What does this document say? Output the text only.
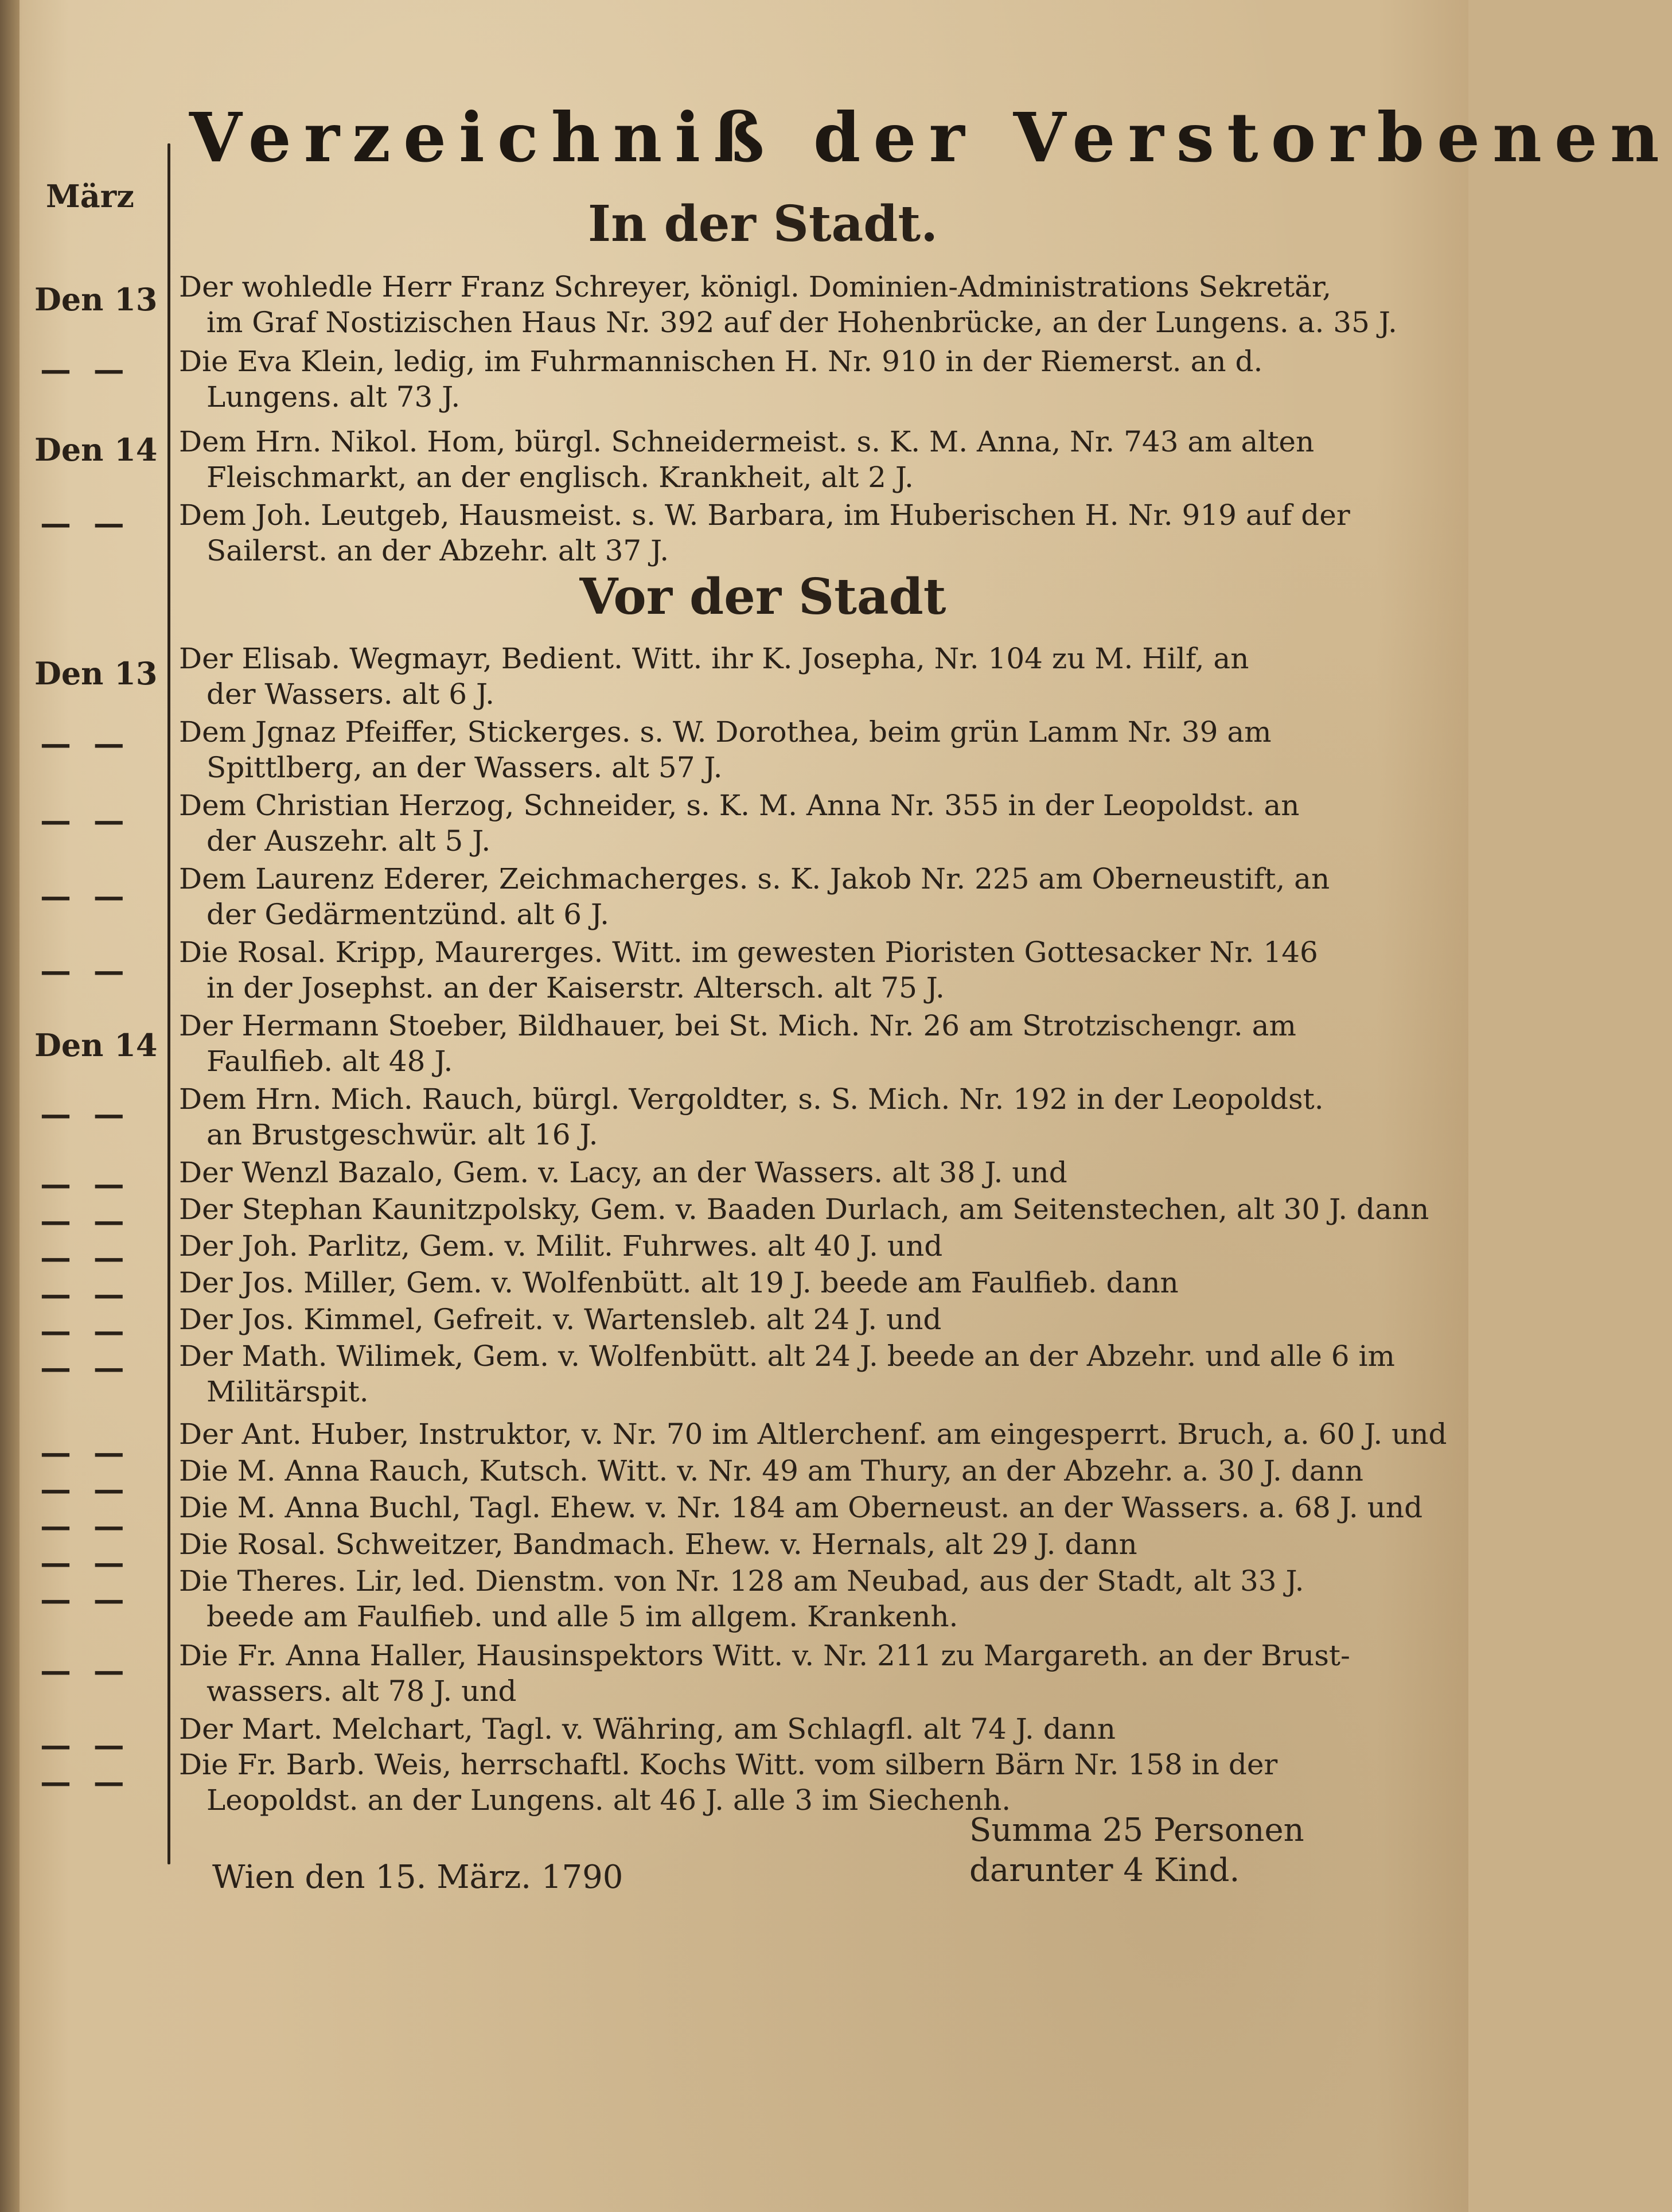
Verzeichniß der Verstorbenen
März	In der Stadt.
Den 13 Der wohledle Herr Franz Schreyer, königl. Dominien-Administrations Sekretär,
im Graf Nostizischen Haus Nr. 392 auf der Hohenbrücke, an der Lungens. a. 35 J.
— —	Die Eva Klein, ledig, im Fuhrmannischen H. Nr. 910 in der Riemerst. an d.
Lungens. alt 73 J.
Den 14 Dem Hrn. Nikol. Hom, bürgl. Schneidermeist. s. K. M. Anna, Nr. 743 am alten
Fleischmarkt, an der englisch. Krankheit, alt 2 J.
— —	Dem Joh. Leutgeb, Hausmeist. s. W. Barbara, im Huberischen H. Nr. 919 auf der
Sailerst. an der Abzehr. alt 37 J.
Vor der Stadt
Den 13 Der Elisab. Wegmayr, Bedient. Witt. ihr K. Josepha, Nr. 104 zu M. Hilf, an
der Wassers. alt 6 J.
— —	Dem Jgnaz Pfeiffer, Stickerges. s. W. Dorothea, beim grün Lamm Nr. 39 am
Spittlberg, an der Wassers. alt 57 J.
— —	Dem Christian Herzog, Schneider, s. K. M. Anna Nr. 355 in der Leopoldst. an
der Auszehr. alt 5 J.
— —	Dem Laurenz Ederer, Zeichmacherges. s. K. Jakob Nr. 225 am Oberneustift, an
der Gedärmentzünd. alt 6 J.
— —	Die Rosal. Kripp, Maurerges. Witt. im gewesten Pioristen Gottesacker Nr. 146
in der Josephst. an der Kaiserstr. Altersch. alt 75 J.
Den 14
Der Hermann Stoeber, Bildhauer, bei St. Mich. Nr. 26 am Strotzischengr. am
Faulfieb. alt 48 J.
— —	Dem Hrn. Mich. Rauch, bürgl. Vergoldter, s. S. Mich. Nr. 192 in der Leopoldst.
an Brustgeschwür. alt 16 J.
— —	Der Wenzl Bazalo, Gem. v. Lacy, an der Wassers. alt 38 J. und
— —	Der Stephan Kaunitzpolsky, Gem. v. Baaden Durlach, am Seitenstechen, alt 30 J. dann
— —	Der Joh. Parlitz, Gem. v. Milit. Fuhrwes. alt 40 J. und
— —	Der Jos. Miller, Gem. v. Wolfenbütt. alt 19 J. beede am Faulfieb. dann
— —	Der Jos. Kimmel, Gefreit. v. Wartensleb. alt 24 J. und
— —	Der Math. Wilimek, Gem. v. Wolfenbütt. alt 24 J. beede an der Abzehr. und alle 6 im
Militärspit.
— —	Der Ant. Huber, Instruktor, v. Nr. 70 im Altlerchenf. am eingesperrt. Bruch, a. 60 J. und
— —	Die M. Anna Rauch, Kutsch. Witt. v. Nr. 49 am Thury, an der Abzehr. a. 30 J. dann
— —	Die M. Anna Buchl, Tagl. Ehew. v. Nr. 184 am Oberneust. an der Wassers. a. 68 J. und
— —	Die Rosal. Schweitzer, Bandmach. Ehew. v. Hernals, alt 29 J. dann
— —	Die Theres. Lir, led. Dienstm. von Nr. 128 am Neubad, aus der Stadt, alt 33 J.
beede am Faulfieb. und alle 5 im allgem. Krankenh.
— —	Die Fr. Anna Haller, Hausinspektors Witt. v. Nr. 211 zu Margareth. an der Brust-
wassers. alt 78 J. und
— —	Der Mart. Melchart, Tagl. v. Währing, am Schlagfl. alt 74 J. dann
— —	Die Fr. Barb. Weis, herrschaftl. Kochs Witt. vom silbern Bärn Nr. 158 in der
Leopoldst. an der Lungens. alt 46 J. alle 3 im Siechenh.
Summa 25 Personen
darunter 4 Kind.
Wien den 15. März. 1790
